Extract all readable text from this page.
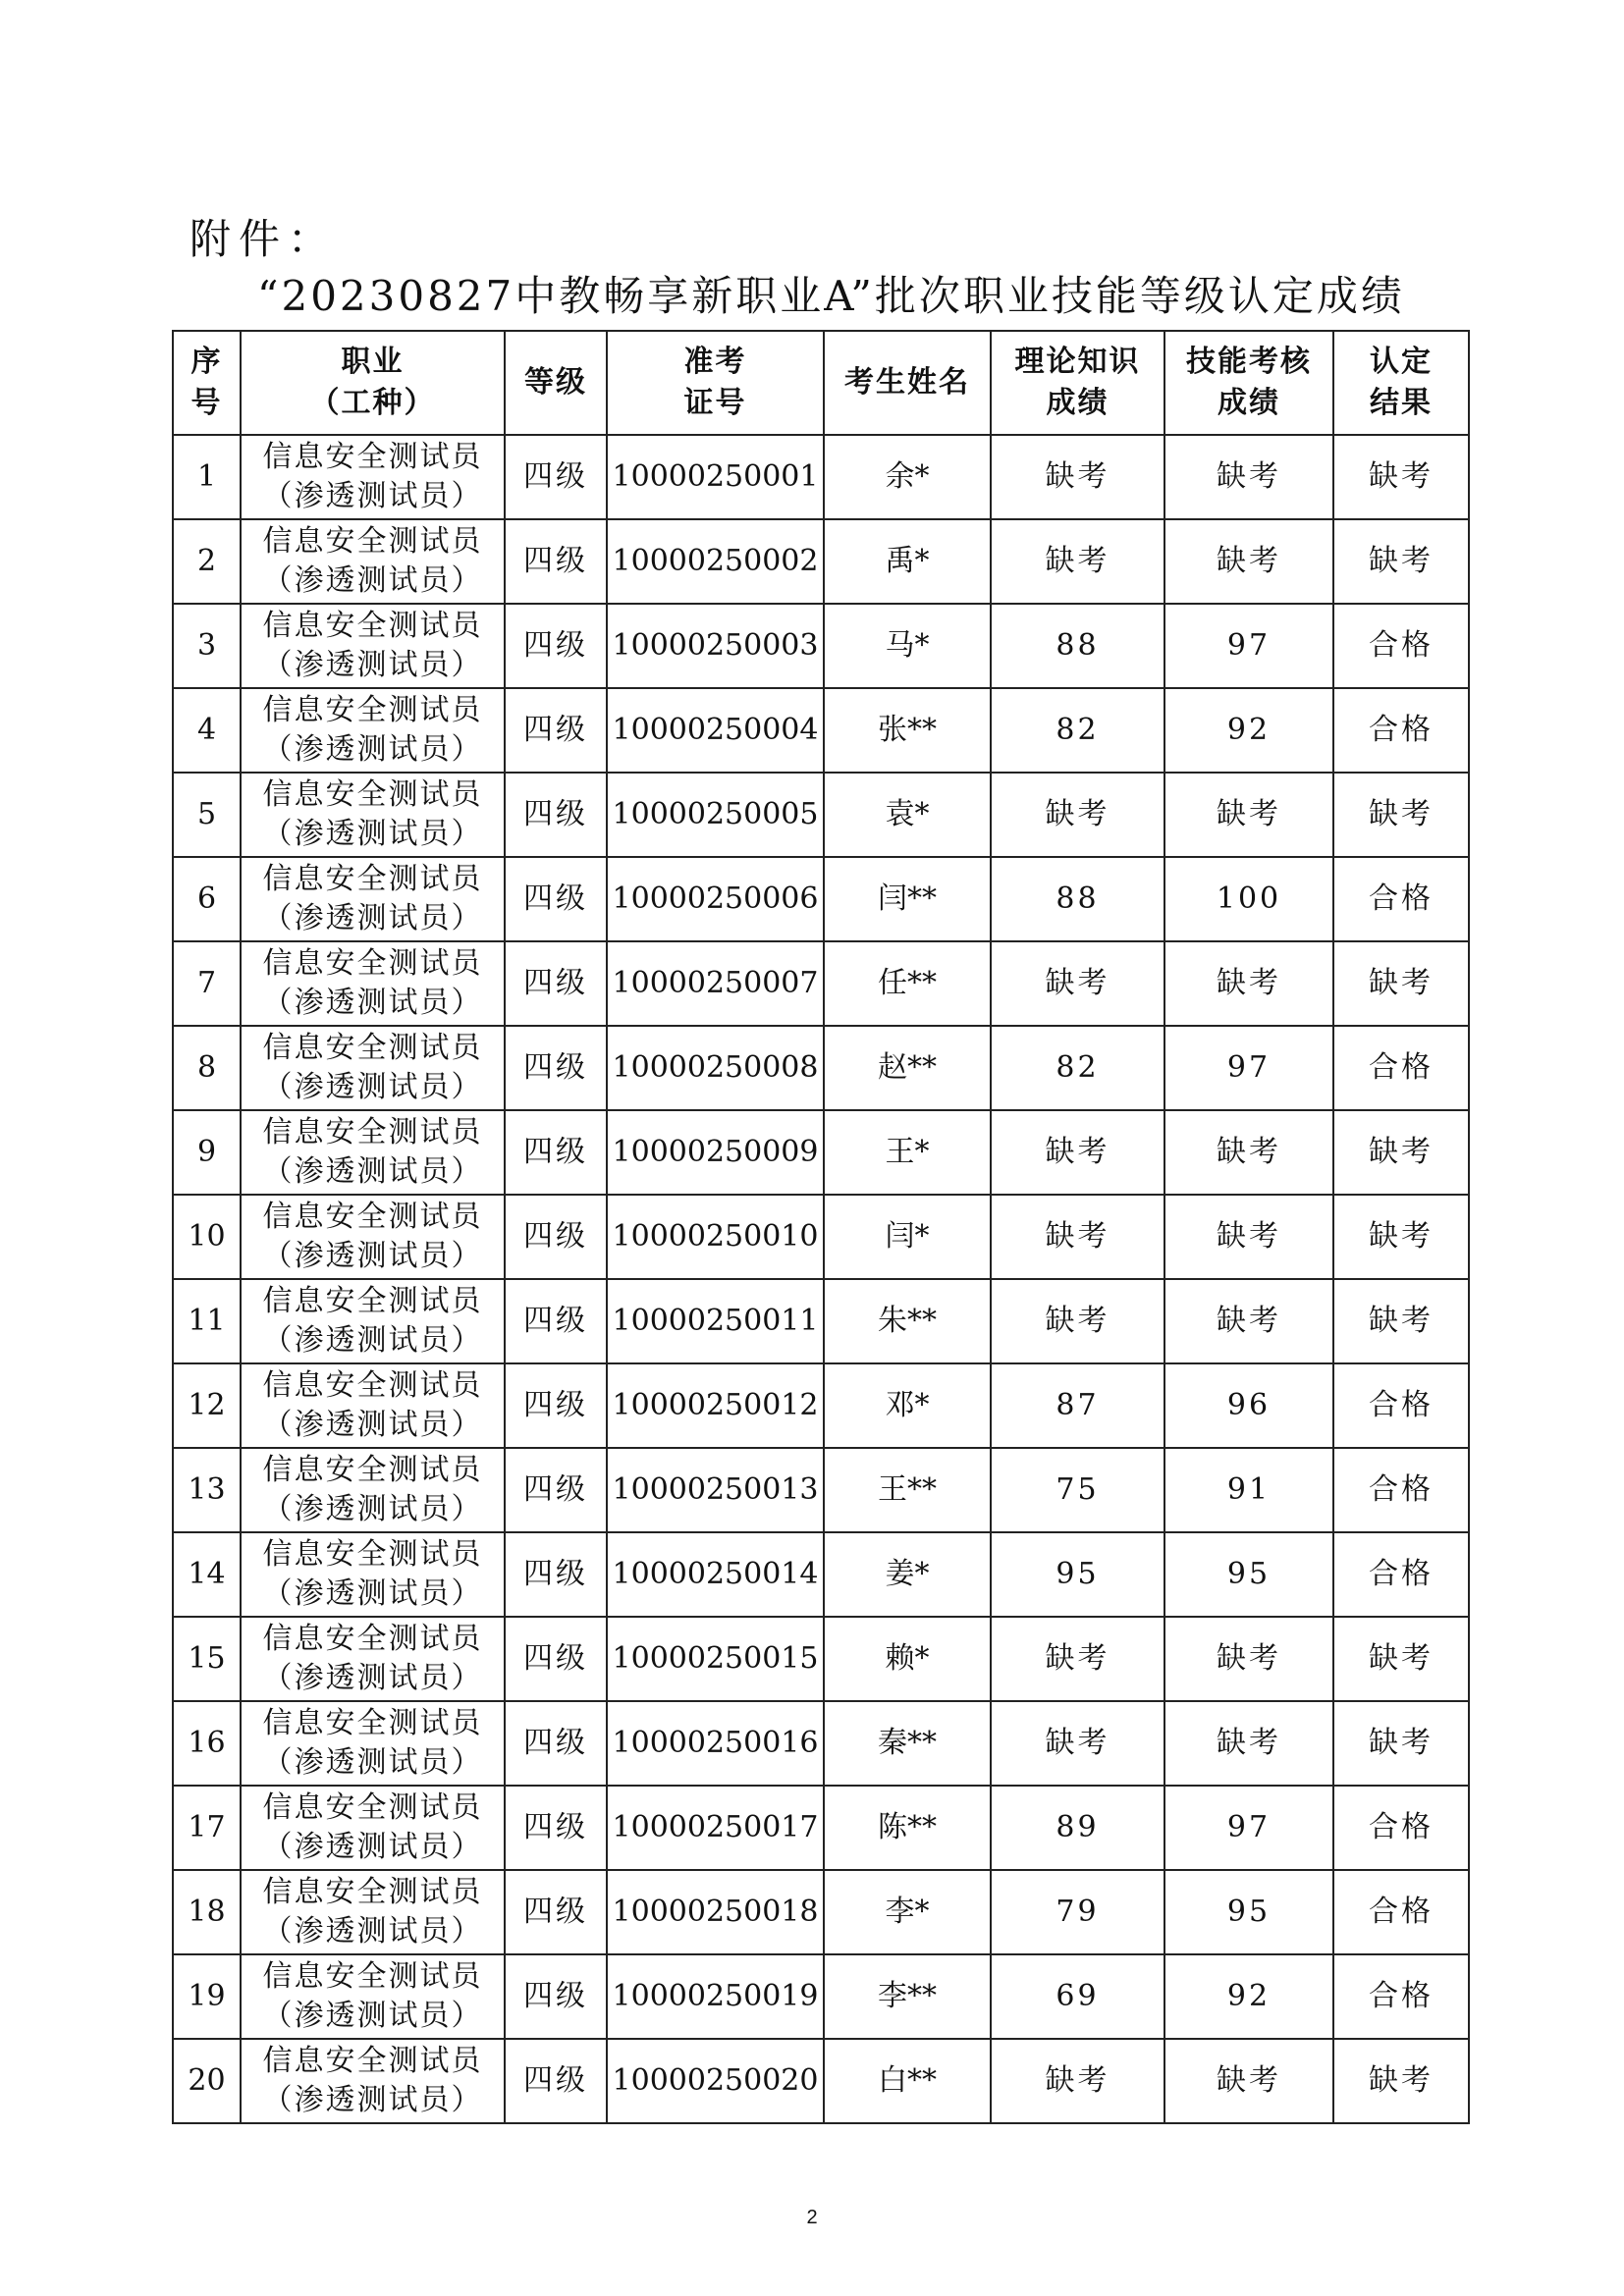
附件：

“20230827中教畅享新职业A”批次职业技能等级认定成绩
序
号	职业
（工种）	等级	准考
证号	考生姓名	理论知识
成绩	技能考核
成绩	认定
结果

1	信息安全测试员
（渗透测试员）	四级	10000250001	余*	缺考	缺考	缺考
2	信息安全测试员
（渗透测试员）	四级	10000250002	禹*	缺考	缺考	缺考
3	信息安全测试员
（渗透测试员）	四级	10000250003	马*	88	97	合格
4	信息安全测试员
（渗透测试员）	四级	10000250004	张**	82	92	合格
5	信息安全测试员
（渗透测试员）	四级	10000250005	袁*	缺考	缺考	缺考
6	信息安全测试员
（渗透测试员）	四级	10000250006	闫**	88	100	合格
7	信息安全测试员
（渗透测试员）	四级	10000250007	任**	缺考	缺考	缺考
8	信息安全测试员
（渗透测试员）	四级	10000250008	赵**	82	97	合格
9	信息安全测试员
（渗透测试员）	四级	10000250009	王*	缺考	缺考	缺考
10	信息安全测试员
（渗透测试员）	四级	10000250010	闫*	缺考	缺考	缺考
11	信息安全测试员
（渗透测试员）	四级	10000250011	朱**	缺考	缺考	缺考
12	信息安全测试员
（渗透测试员）	四级	10000250012	邓*	87	96	合格
13	信息安全测试员
（渗透测试员）	四级	10000250013	王**	75	91	合格
14	信息安全测试员
（渗透测试员）	四级	10000250014	姜*	95	95	合格
15	信息安全测试员
（渗透测试员）	四级	10000250015	赖*	缺考	缺考	缺考
16	信息安全测试员
（渗透测试员）	四级	10000250016	秦**	缺考	缺考	缺考
17	信息安全测试员
（渗透测试员）	四级	10000250017	陈**	89	97	合格
18	信息安全测试员
（渗透测试员）	四级	10000250018	李*	79	95	合格
19	信息安全测试员
（渗透测试员）	四级	10000250019	李**	69	92	合格
20	信息安全测试员
（渗透测试员）	四级	10000250020	白**	缺考	缺考	缺考
2
